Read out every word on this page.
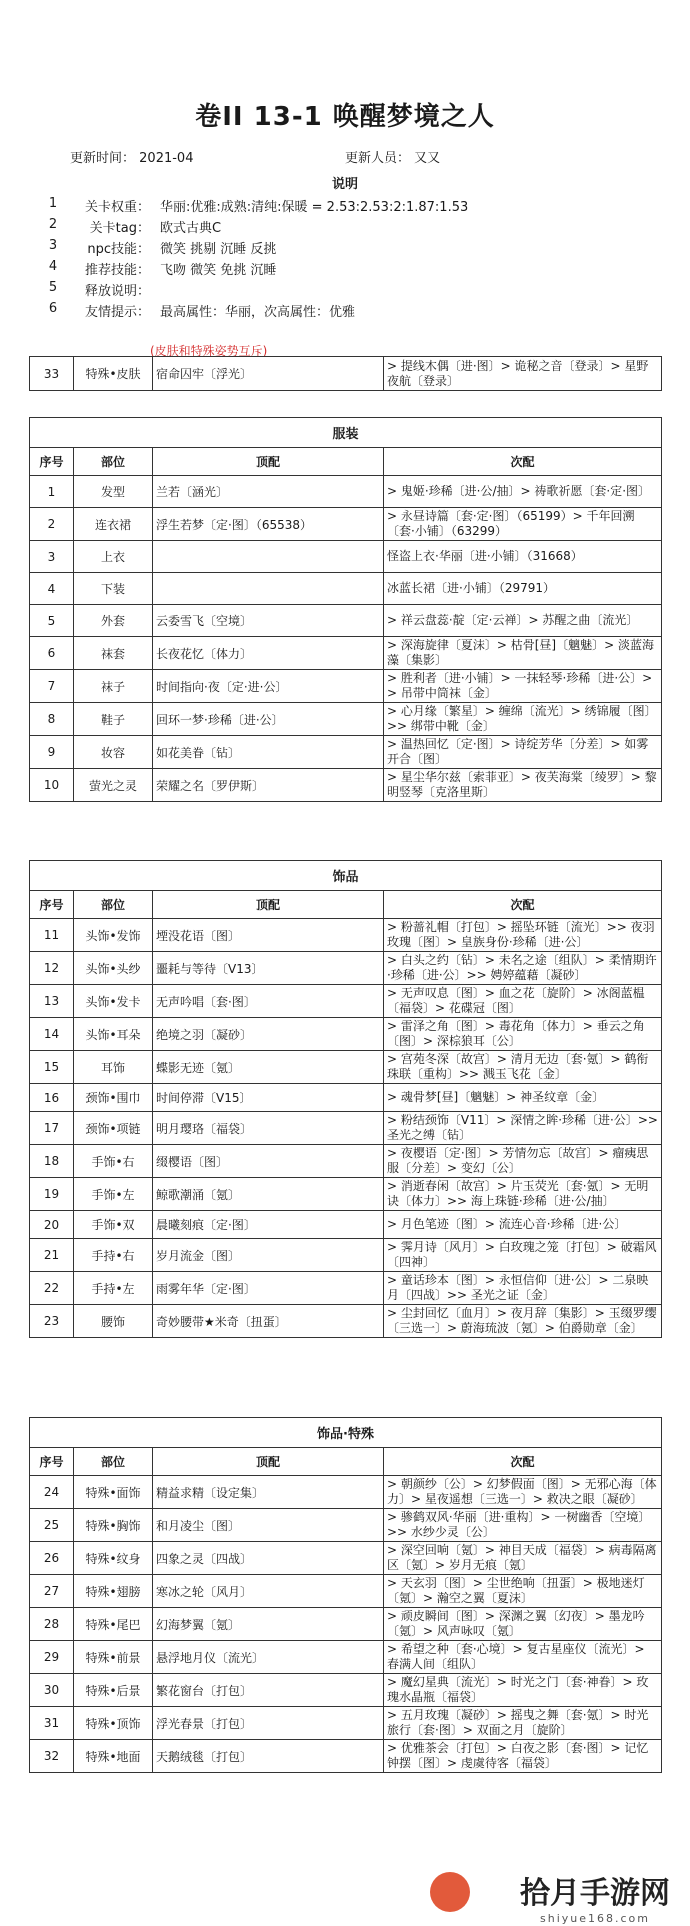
卷II 13-1 唤醒梦境之人
更新时间： 2021-04	更新人员： 又又
说明
1	关卡权重： 华丽:优雅:成熟:清纯:保暖 = 2.53:2.53:2:1.87:1.53
2	关卡tag： 欧式古典C
3	npc技能： 微笑 挑剔 沉睡 反挑
4	推荐技能： 飞吻 微笑 免挑 沉睡
5	释放说明：
6	友情提示： 最高属性：华丽，次高属性：优雅
(皮肤和特殊姿势互斥)
33	特殊•皮肤	宿命囚牢〔浮光〕	> 提线木偶〔进·图〕> 诡秘之音〔登录〕> 星野夜航〔登录〕
服装			
序号	部位	顶配	次配
1	发型	兰若〔涵光〕	> 鬼姬·珍稀〔进·公/抽〕> 祷歌祈愿〔套·定·图〕
2	连衣裙	浮生若梦〔定·图〕（65538）	> 永昼诗篇〔套·定·图〕（65199）> 千年回溯〔套·小铺〕（63299）
3	上衣		怪盗上衣·华丽〔进·小铺〕（31668）
4	下装		冰蓝长裙〔进·小铺〕（29791）
5	外套	云委雪飞〔空境〕	> 祥云盘蕊·靛〔定·云禅〕> 苏醒之曲〔流光〕
6	袜套	长夜花忆〔体力〕	> 深海旋律〔夏沫〕> 枯骨[昼]〔魑魅〕> 淡蓝海藻〔集影〕
7	袜子	时间指向·夜〔定·进·公〕	> 胜利者〔进·小铺〕> 一抹轻琴·珍稀〔进·公〕>> 吊带中筒袜〔金〕
8	鞋子	回环一梦·珍稀〔进·公〕	> 心月缘〔繁星〕> 缠绵〔流光〕> 绣锦履〔图〕>> 绑带中靴〔金〕
9	妆容	如花美眷〔钻〕	> 温热回忆〔定·图〕> 诗绽芳华〔分差〕> 如雾开合〔图〕
10	萤光之灵	荣耀之名〔罗伊斯〕	> 星尘华尔兹〔索菲亚〕> 夜芙海棠〔绫罗〕> 黎明竖琴〔克洛里斯〕
饰品			
序号	部位	顶配	次配
11	头饰•发饰	堙没花语〔图〕	> 粉蔷礼帽〔打包〕> 摇坠环链〔流光〕>> 夜羽玫瑰〔图〕> 皇族身份·珍稀〔进·公〕
12	头饰•头纱	噩耗与等待〔V13〕	> 白头之约〔钻〕> 未名之途〔组队〕> 柔情期许·珍稀〔进·公〕>> 娉婷蕴藉〔凝砂〕
13	头饰•发卡	无声吟唱〔套·图〕	> 无声叹息〔图〕> 血之花〔旋阶〕> 冰阁蓝榅〔福袋〕> 花碟冠〔图〕
14	头饰•耳朵	绝境之羽〔凝砂〕	> 雷泽之角〔图〕> 毒花角〔体力〕> 垂云之角〔图〕> 深棕狼耳〔公〕
15	耳饰	蝶影无迹〔氪〕	> 宫苑冬深〔故宫〕> 清月无边〔套·氪〕> 鹤衔珠联〔重构〕>> 溅玉飞花〔金〕
16	颈饰•围巾	时间停滞〔V15〕	> 魂骨梦[昼]〔魑魅〕> 神圣纹章〔金〕
17	颈饰•项链	明月璎珞〔福袋〕	> 粉结颈饰〔V11〕> 深情之眸·珍稀〔进·公〕>> 圣光之缚〔钻〕
18	手饰•右	缀樱语〔图〕	> 夜樱语〔定·图〕> 芳情勿忘〔故宫〕> 瘤痍思服〔分差〕> 变幻〔公〕
19	手饰•左	鲸歌潮涌〔氪〕	> 消逝春闲〔故宫〕> 片玉荧光〔套·氪〕> 无明诀〔体力〕>> 海上珠链·珍稀〔进·公/抽〕
20	手饰•双	晨曦刻痕〔定·图〕	> 月色笔迹〔图〕> 流连心音·珍稀〔进·公〕
21	手持•右	岁月流金〔图〕	> 霁月诗〔风月〕> 白玫瑰之笼〔打包〕> 破霜风〔四神〕
22	手持•左	雨雾年华〔定·图〕	> 童话珍本〔图〕> 永恒信仰〔进·公〕> 二泉映月〔四战〕>> 圣光之证〔金〕
23	腰饰	奇妙腰带★米奇〔扭蛋〕	> 尘封回忆〔血月〕> 夜月辞〔集影〕> 玉缀罗缨〔三选一〕> 蔚海琉波〔氪〕> 伯爵勋章〔金〕
饰品·特殊			
序号	部位	顶配	次配
24	特殊•面饰	精益求精〔设定集〕	> 朝颜纱〔公〕> 幻梦假面〔图〕> 无邪心海〔体力〕> 星夜遥想〔三选一〕> 救决之眼〔凝砂〕
25	特殊•胸饰	和月凌尘〔图〕	> 骖鹤双风·华丽〔进·重构〕> 一树幽香〔空境〕>> 水纱少灵〔公〕
26	特殊•纹身	四象之灵〔四战〕	> 深空回响〔氪〕> 神目天成〔福袋〕> 病毒隔离区〔氪〕> 岁月无痕〔氪〕
27	特殊•翅膀	寒冰之轮〔风月〕	> 天玄羽〔图〕> 尘世绝响〔扭蛋〕> 极地迷灯〔氪〕> 瀚空之翼〔夏沫〕
28	特殊•尾巴	幻海梦翼〔氪〕	> 顽皮瞬间〔图〕> 深渊之翼〔幻夜〕> 墨龙吟〔氪〕> 风声咏叹〔氪〕
29	特殊•前景	悬浮地月仪〔流光〕	> 希望之种〔套·心境〕> 复古星座仪〔流光〕> 春满人间〔组队〕
30	特殊•后景	繁花窗台〔打包〕	> 魔幻星典〔流光〕> 时光之门〔套·神眷〕> 玫瑰水晶瓶〔福袋〕
31	特殊•顶饰	浮光春景〔打包〕	> 五月玫瑰〔凝砂〕> 摇曳之舞〔套·氪〕> 时光旅行〔套·图〕> 双面之月〔旋阶〕
32	特殊•地面	天鹅绒毯〔打包〕	> 优雅茶会〔打包〕> 白夜之影〔套·图〕> 记忆钟摆〔图〕> 虔虞待客〔福袋〕
拾月手游网
shiyue168.com
